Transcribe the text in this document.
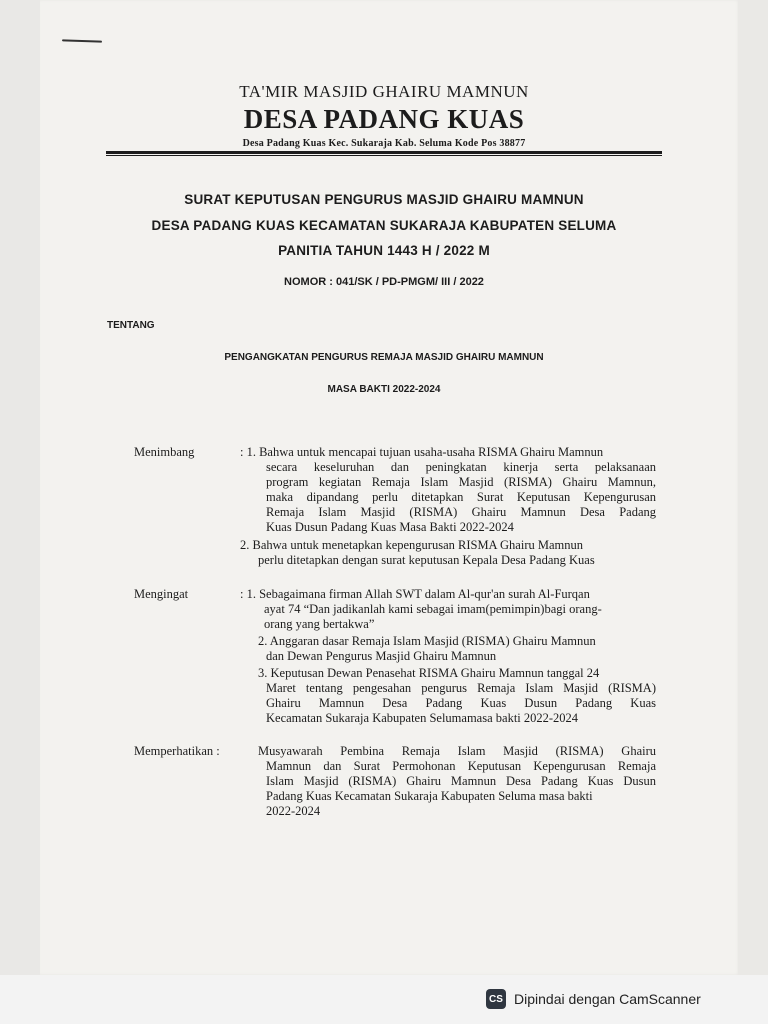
TA'MIR MASJID GHAIRU MAMNUN
DESA PADANG KUAS
Desa Padang Kuas Kec. Sukaraja Kab. Seluma Kode Pos 38877
SURAT KEPUTUSAN PENGURUS MASJID GHAIRU MAMNUN
DESA PADANG KUAS KECAMATAN SUKARAJA KABUPATEN SELUMA
PANITIA TAHUN 1443 H / 2022 M
NOMOR : 041/SK / PD-PMGM/ III / 2022
TENTANG
PENGANGKATAN PENGURUS REMAJA MASJID GHAIRU MAMNUN
MASA BAKTI 2022-2024
Menimbang	: 1. Bahwa untuk mencapai tujuan usaha-usaha RISMA Ghairu Mamnun
secara keseluruhan dan peningkatan kinerja serta pelaksanaan
program kegiatan Remaja Islam Masjid (RISMA) Ghairu Mamnun,
maka dipandang perlu ditetapkan Surat Keputusan Kepengurusan
Remaja Islam Masjid (RISMA) Ghairu Mamnun Desa Padang
Kuas Dusun Padang Kuas Masa Bakti 2022-2024
2. Bahwa untuk menetapkan kepengurusan RISMA Ghairu Mamnun
perlu ditetapkan dengan surat keputusan Kepala Desa Padang Kuas
Mengingat	: 1. Sebagaimana firman Allah SWT dalam Al-qur'an surah Al-Furqan
ayat 74 “Dan jadikanlah kami sebagai imam(pemimpin)bagi orang-
orang yang bertakwa”
2. Anggaran dasar Remaja Islam Masjid (RISMA) Ghairu Mamnun
dan Dewan Pengurus Masjid Ghairu Mamnun
3. Keputusan Dewan Penasehat RISMA Ghairu Mamnun tanggal 24
Maret tentang pengesahan pengurus Remaja Islam Masjid (RISMA)
Ghairu Mamnun Desa Padang Kuas Dusun Padang Kuas
Kecamatan Sukaraja Kabupaten Selumamasa bakti 2022-2024
Memperhatikan :	Musyawarah Pembina Remaja Islam Masjid (RISMA) Ghairu
Mamnun dan Surat Permohonan Keputusan Kepengurusan Remaja
Islam Masjid (RISMA) Ghairu Mamnun Desa Padang Kuas Dusun
Padang Kuas Kecamatan Sukaraja Kabupaten Seluma masa bakti
2022-2024
CS Dipindai dengan CamScanner
